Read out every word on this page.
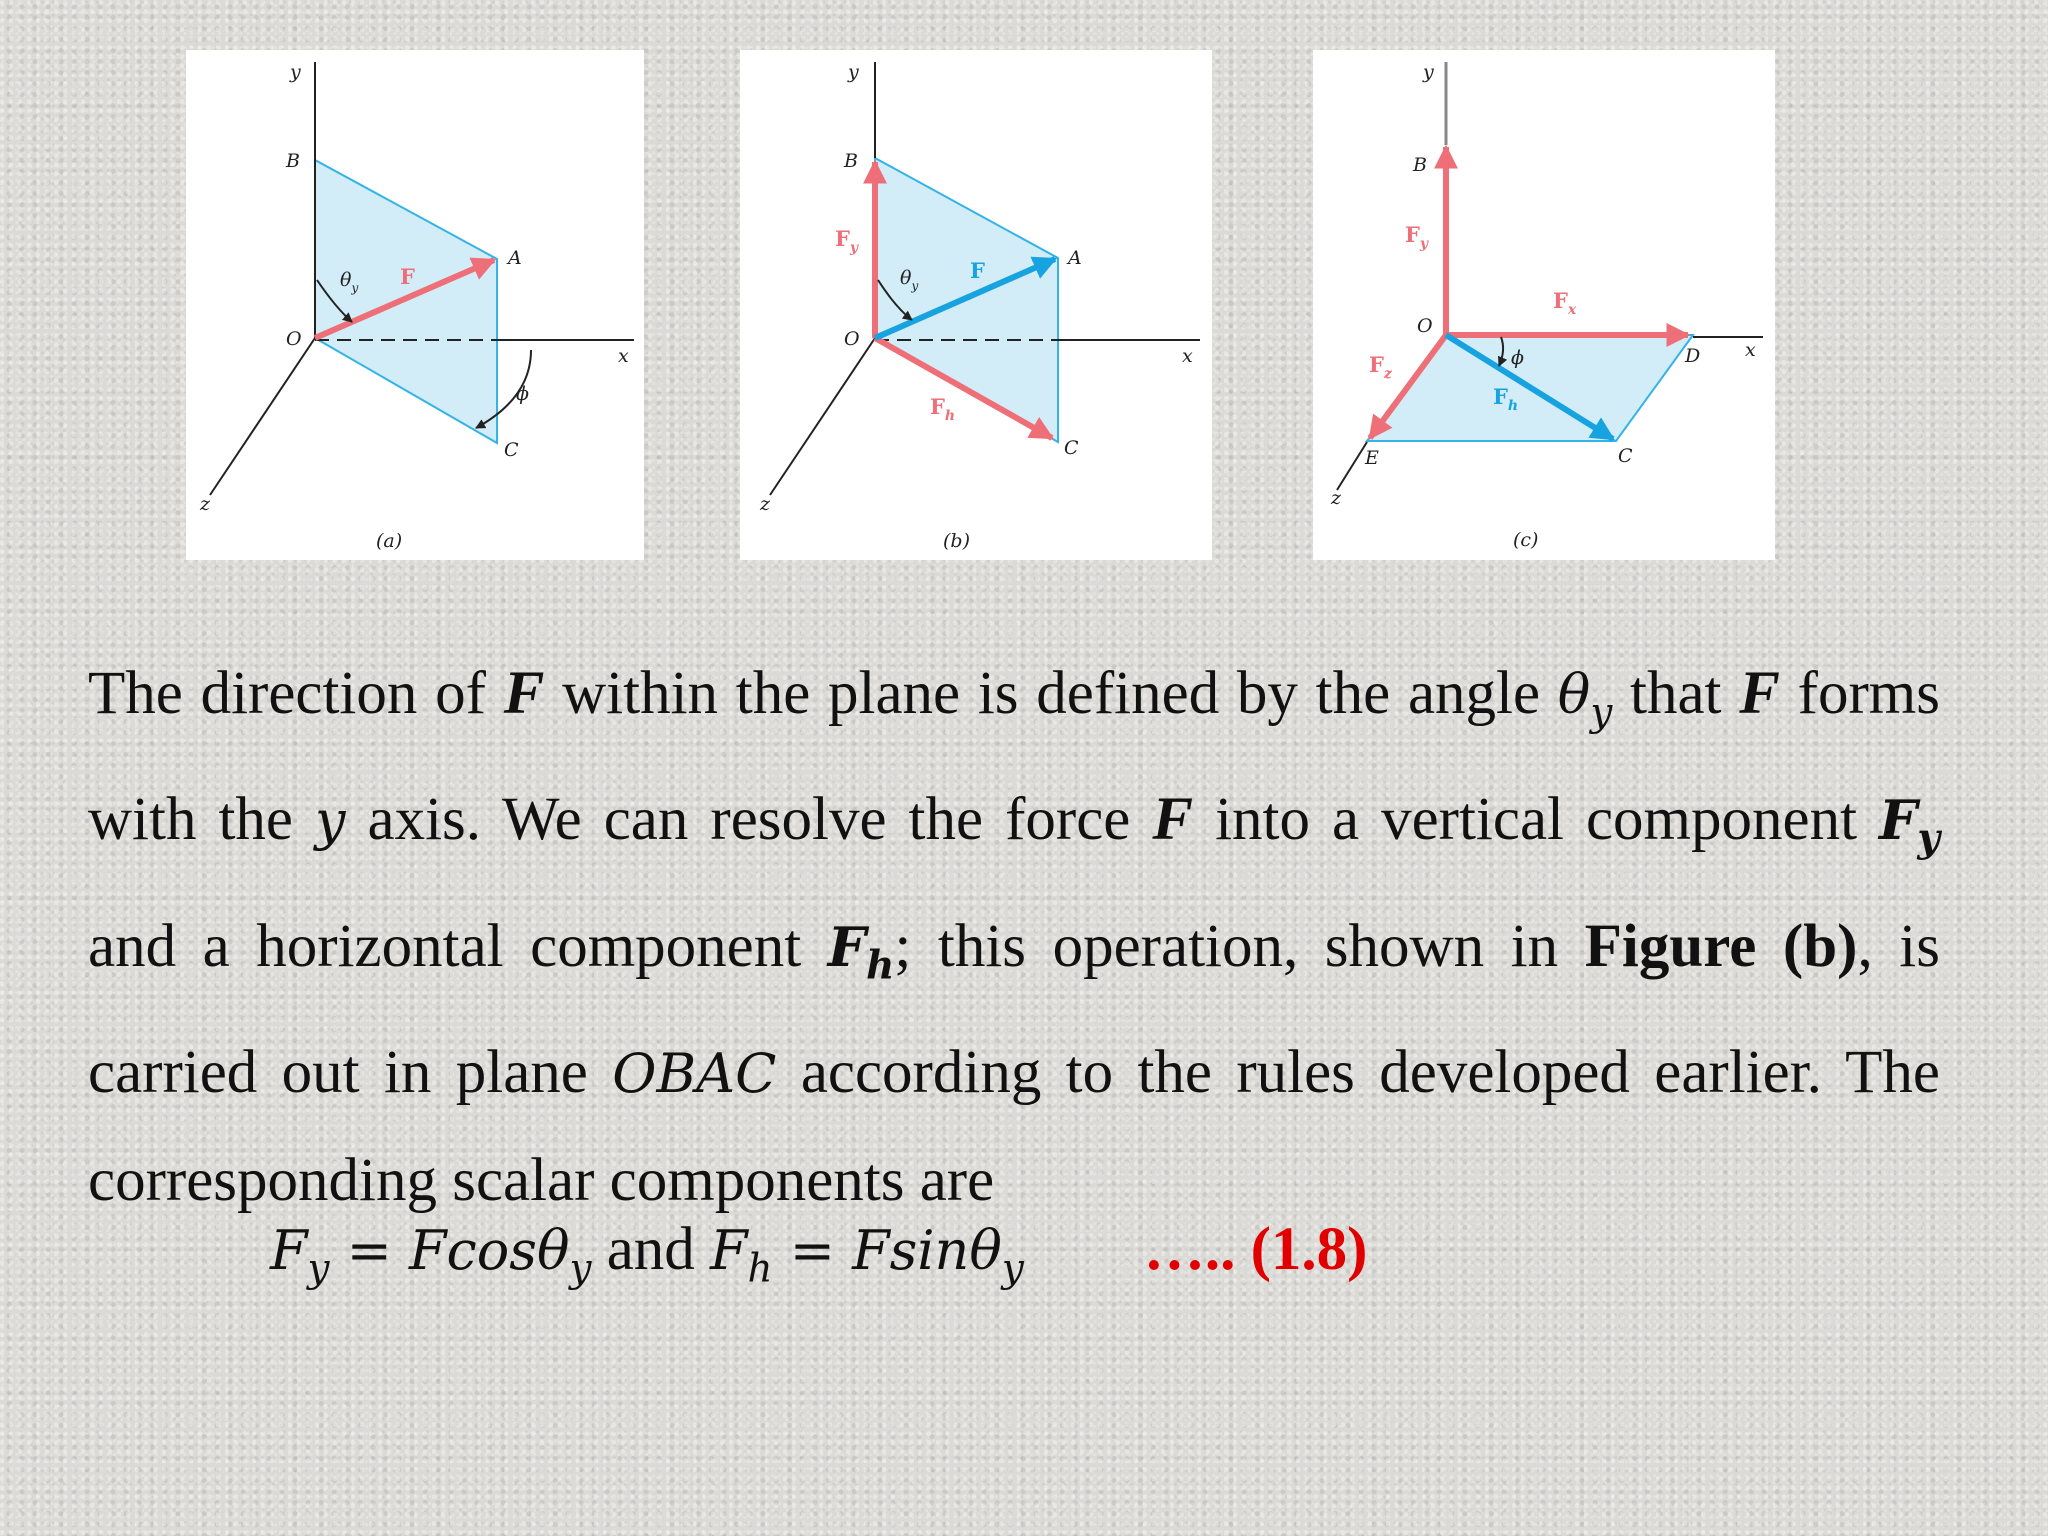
y
B
A
O
x
C
z
$\theta_y$ F
ϕ
(a)
y
B
A
O
x
C
z
$F_y$
$\theta_y$
F
$F_h$
(b)
y
B
$F_y$
O
$F_x$
D x
$F_z$
ϕ
$F_h$
E	C
z
(c)
The direction of F within the plane is defined by the angle $\theta_y$ that F forms with the y axis. We can resolve the force F into a vertical component $F_y$ and a horizontal component $F_h$; this operation, shown in Figure (b), is carried out in plane OBAC according to the rules developed earlier. The corresponding scalar components are
$F_y = Fcos\theta_y$ and $F_h = Fsin\theta_y$ ….. (1.8)
